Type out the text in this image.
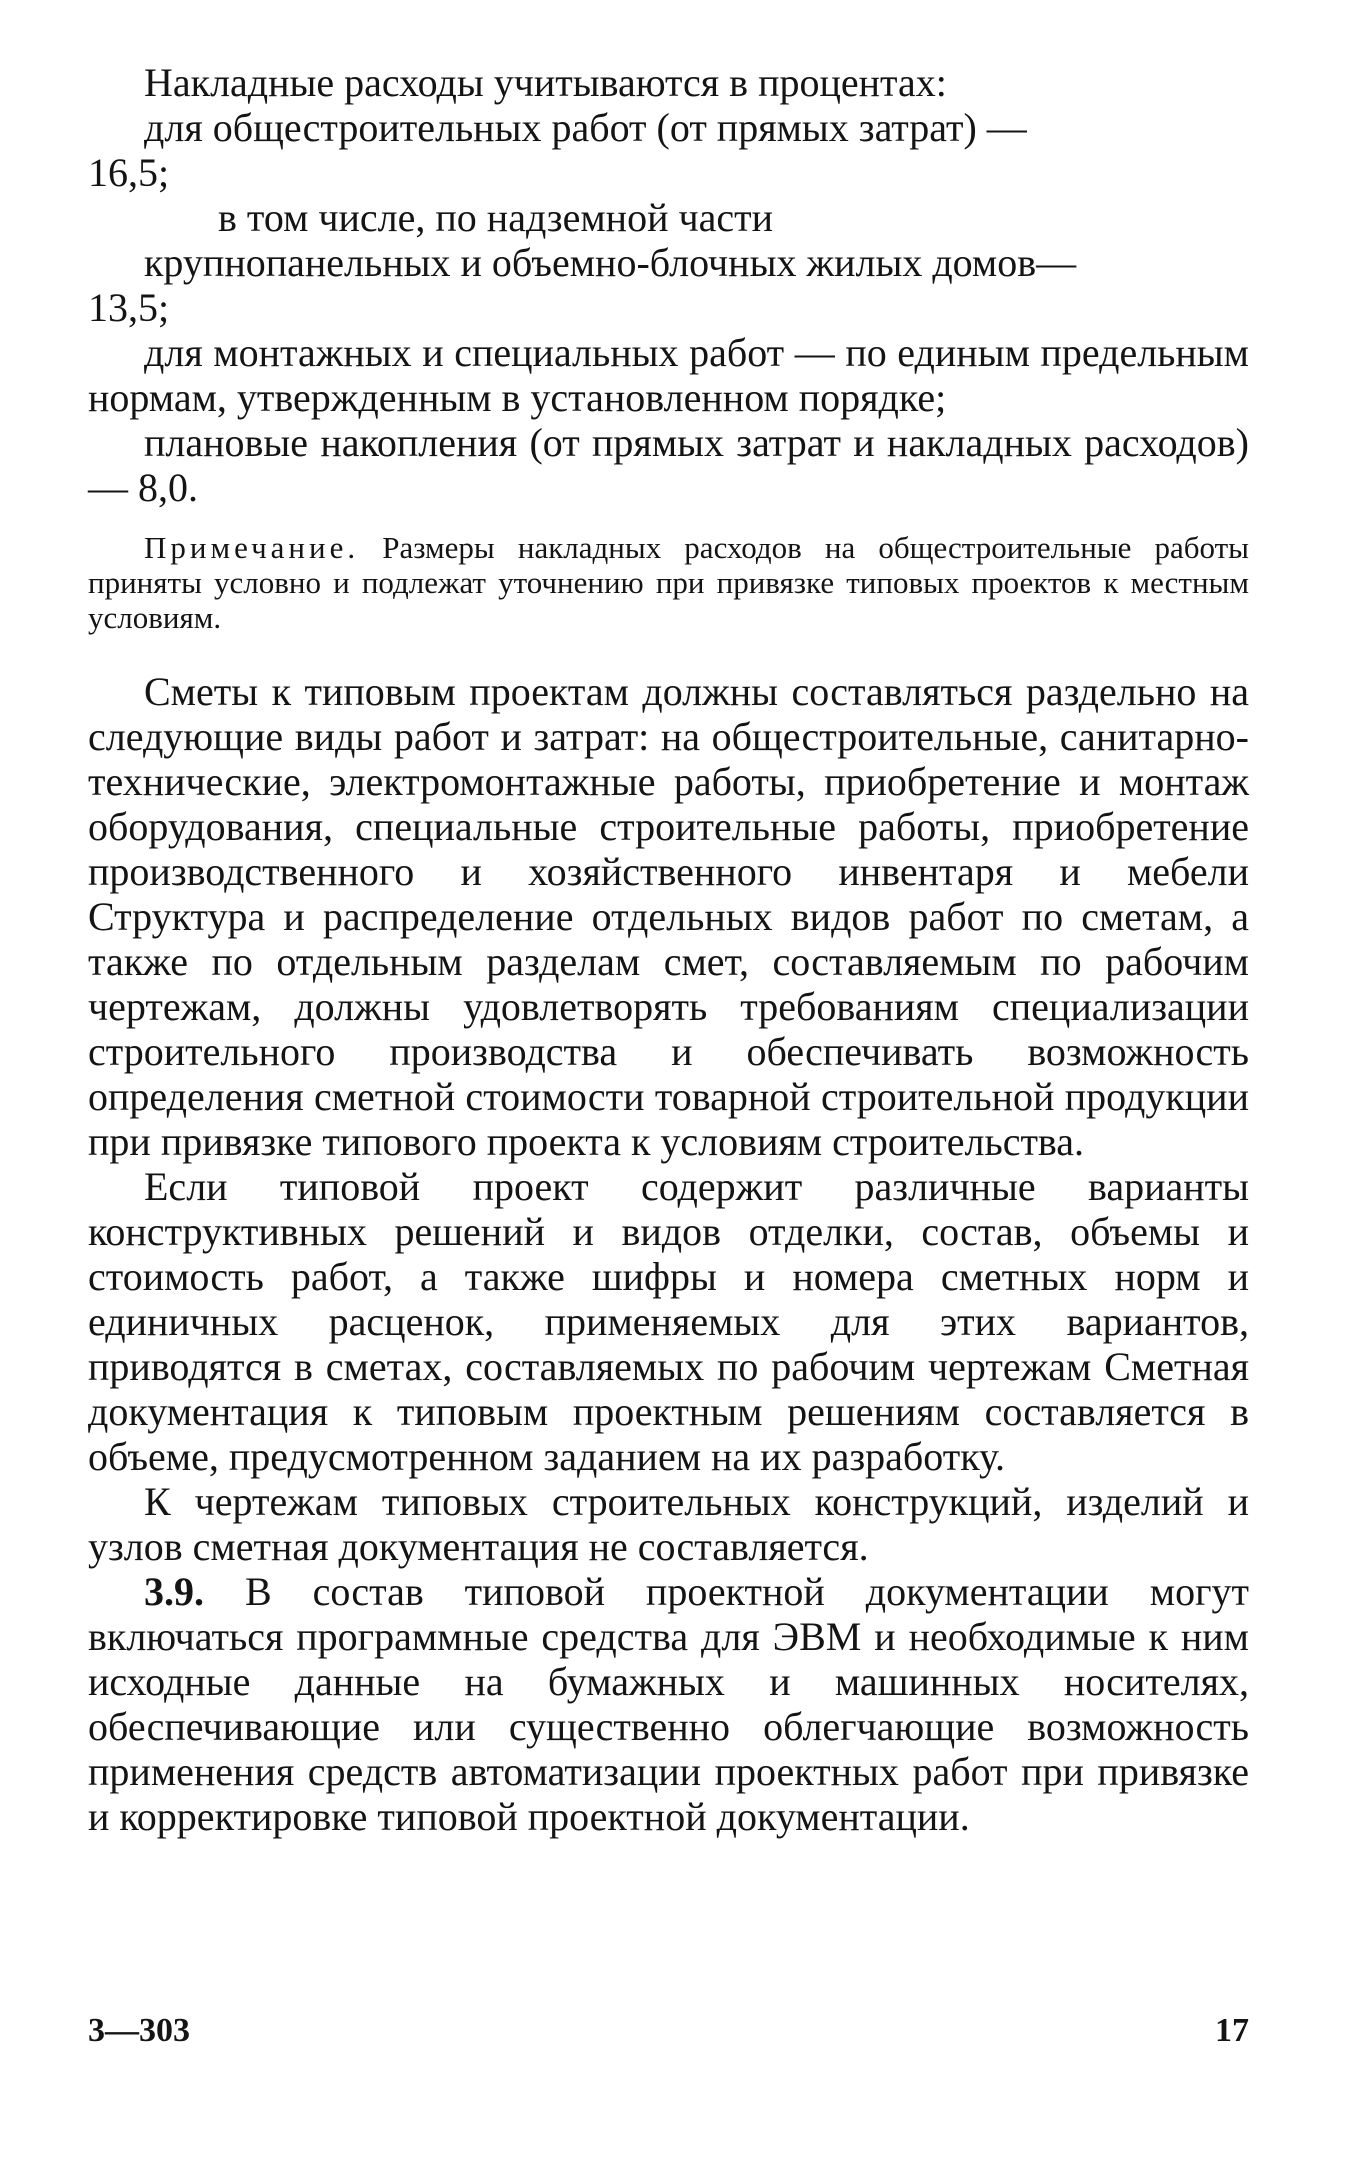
Накладные расходы учитываются в процентах:

для общестроительных работ (от прямых затрат) —

16,5;

в том числе, по надземной части

крупнопанельных и объемно-блочных жилых домов—

13,5;

для монтажных и специальных работ — по единым предельным нормам, утвержденным в установленном порядке;

плановые накопления (от прямых затрат и накладных расходов) — 8,0.

Примечание. Размеры накладных расходов на общестроительные работы приняты условно и подлежат уточнению при привязке типовых проектов к местным условиям.

Сметы к типовым проектам должны составляться раздельно на следующие виды работ и затрат: на общестроительные, санитарно-технические, электромонтажные работы, приобретение и монтаж оборудования, специальные строительные работы, приобретение производственного и хозяйственного инвентаря и мебели Структура и распределение отдельных видов работ по сметам, а также по отдельным разделам смет, составляемым по рабочим чертежам, должны удовлетворять требованиям специализации строительного производства и обеспечивать возможность определения сметной стоимости товарной строительной продукции при привязке типового проекта к условиям строительства.

Если типовой проект содержит различные варианты конструктивных решений и видов отделки, состав, объемы и стоимость работ, а также шифры и номера сметных норм и единичных расценок, применяемых для этих вариантов, приводятся в сметах, составляемых по рабочим чертежам Сметная документация к типовым проектным решениям составляется в объеме, предусмотренном заданием на их разработку.

К чертежам типовых строительных конструкций, изделий и узлов сметная документация не составляется.

3.9. В состав типовой проектной документации могут включаться программные средства для ЭВМ и необходимые к ним исходные данные на бумажных и машинных носителях, обеспечивающие или существенно облегчающие возможность применения средств автоматизации проектных работ при привязке и корректировке типовой проектной документации.

3—303	17
